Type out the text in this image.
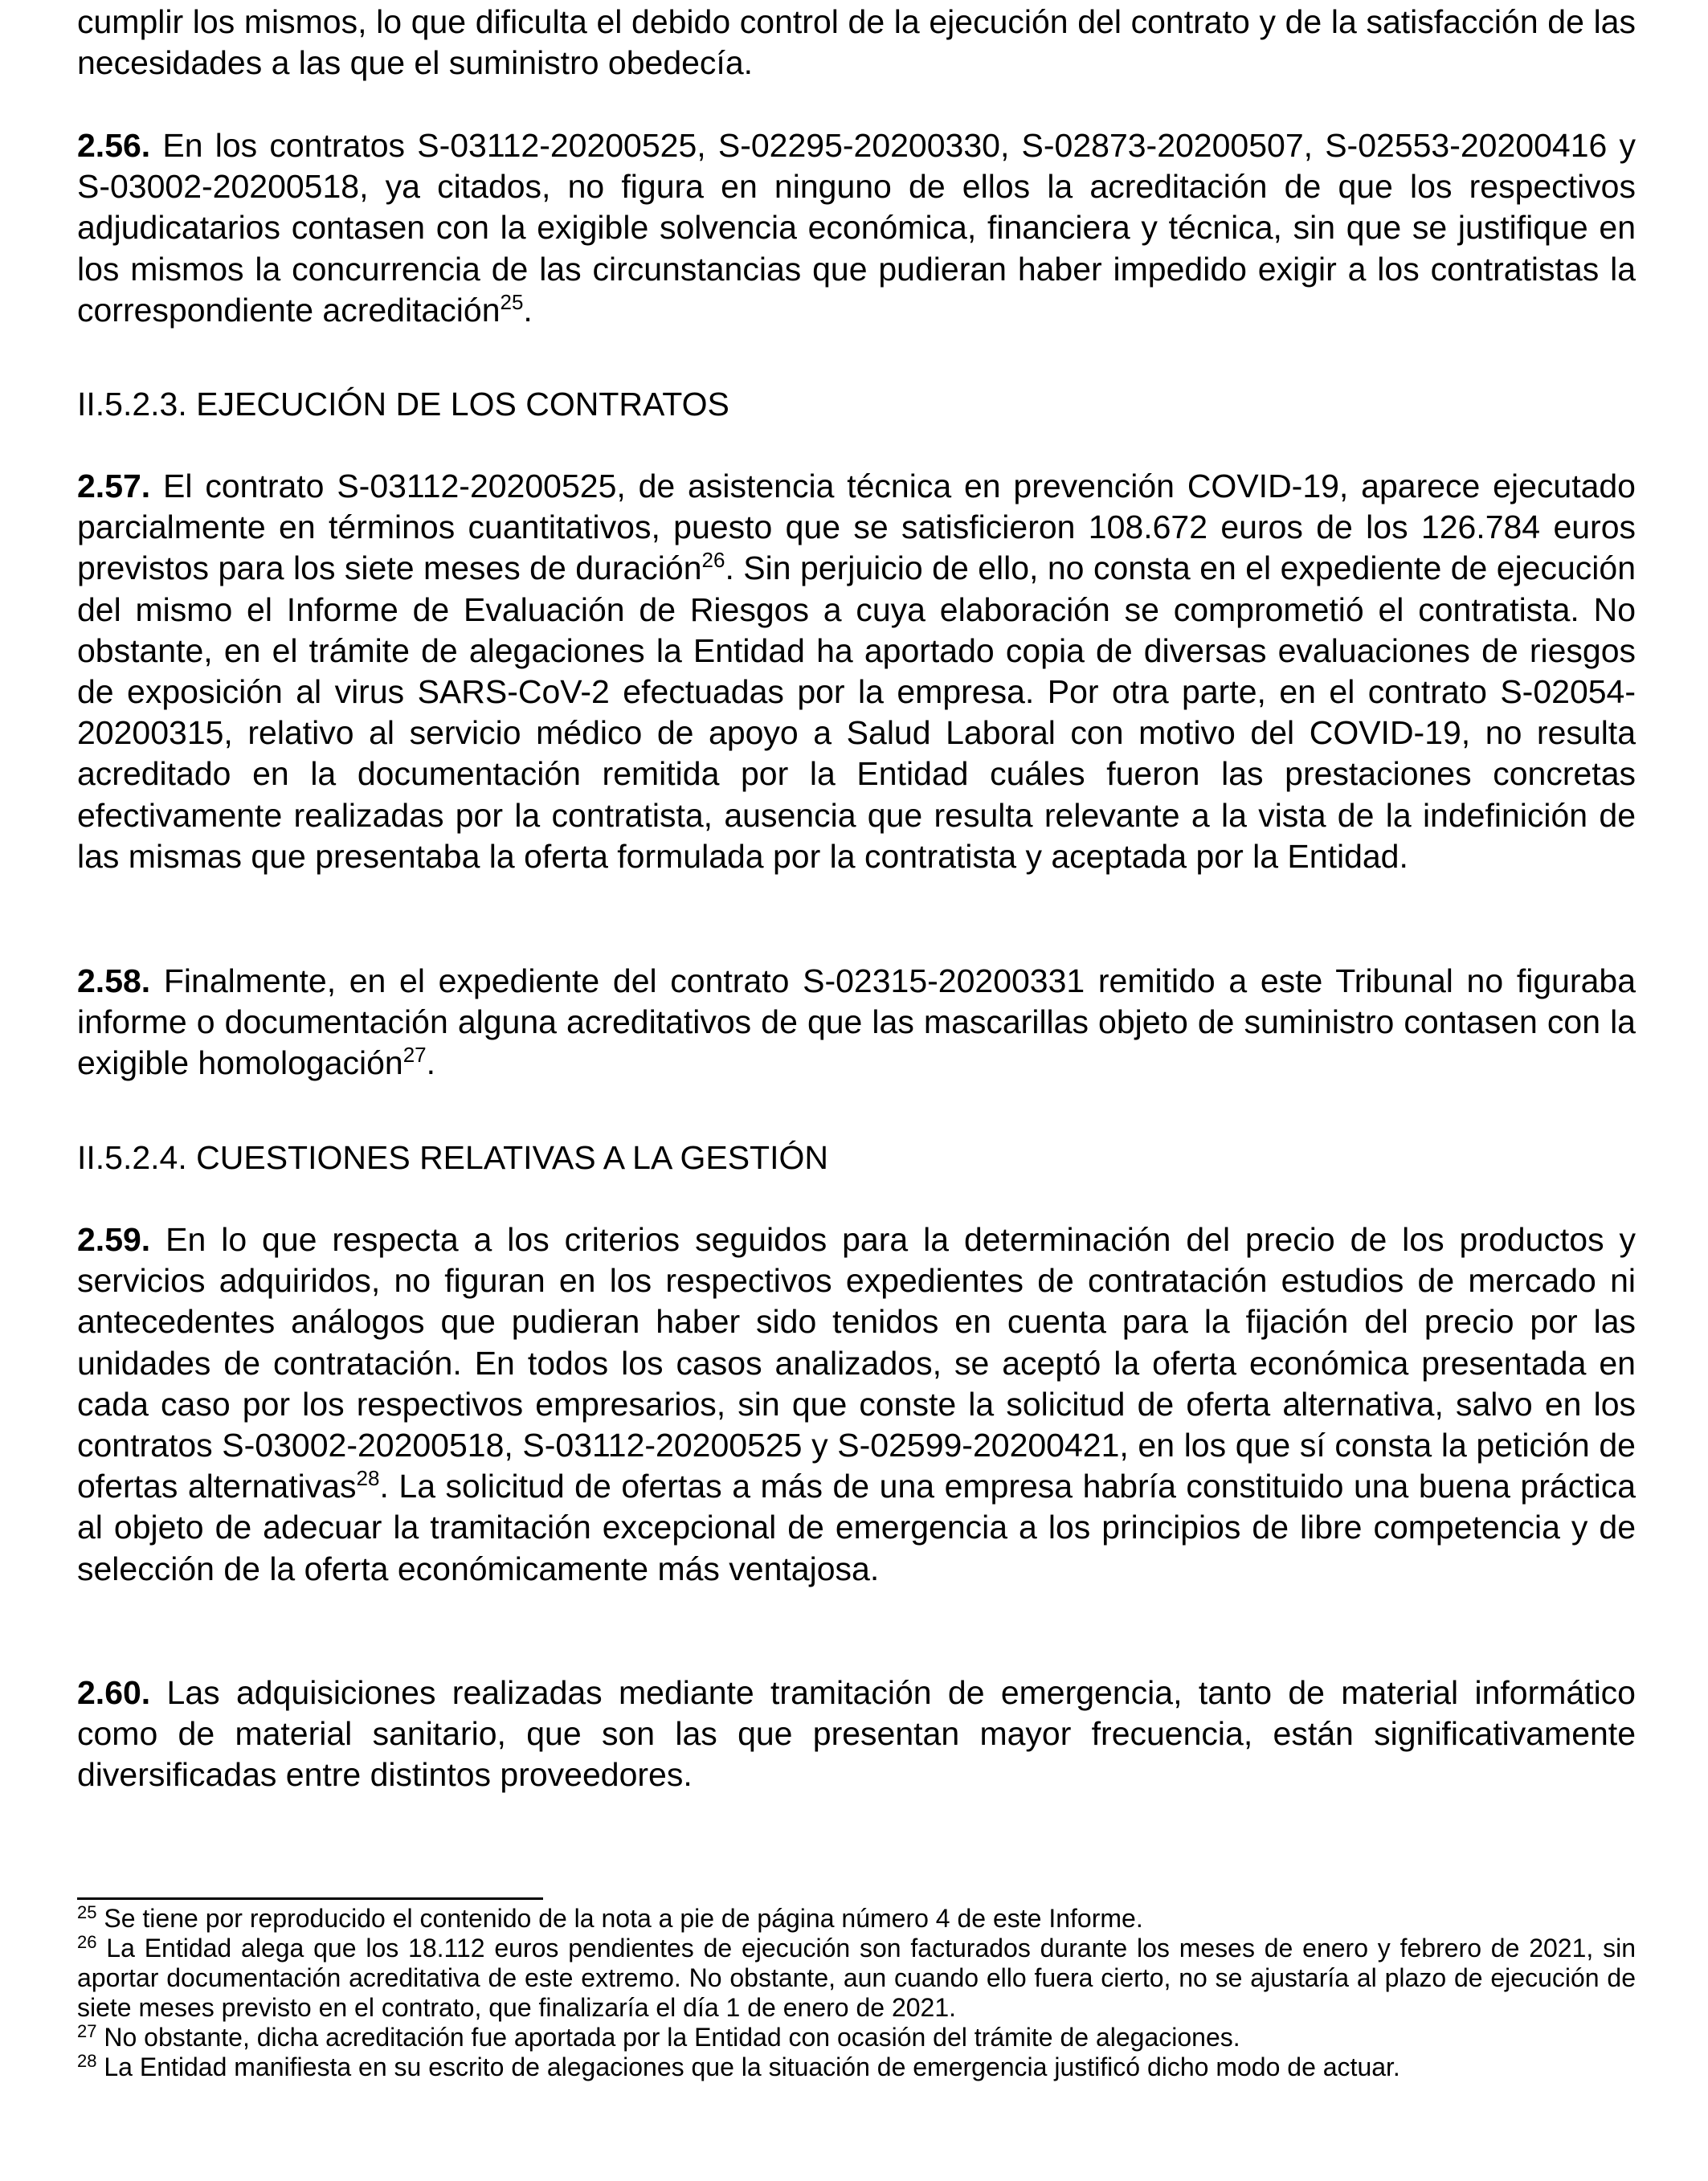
cumplir los mismos, lo que dificulta el debido control de la ejecución del contrato y de la satisfacción de las necesidades a las que el suministro obedecía.

2.56. En los contratos S-03112-20200525, S-02295-20200330, S-02873-20200507, S-02553-20200416 y S-03002-20200518, ya citados, no figura en ninguno de ellos la acreditación de que los respectivos adjudicatarios contasen con la exigible solvencia económica, financiera y técnica, sin que se justifique en los mismos la concurrencia de las circunstancias que pudieran haber impedido exigir a los contratistas la correspondiente acreditación$^{25}$.

II.5.2.3. EJECUCIÓN DE LOS CONTRATOS

2.57. El contrato S-03112-20200525, de asistencia técnica en prevención COVID-19, aparece ejecutado parcialmente en términos cuantitativos, puesto que se satisficieron 108.672 euros de los 126.784 euros previstos para los siete meses de duración$^{26}$. Sin perjuicio de ello, no consta en el expediente de ejecución del mismo el Informe de Evaluación de Riesgos a cuya elaboración se comprometió el contratista. No obstante, en el trámite de alegaciones la Entidad ha aportado copia de diversas evaluaciones de riesgos de exposición al virus SARS-CoV-2 efectuadas por la empresa. Por otra parte, en el contrato S-02054-20200315, relativo al servicio médico de apoyo a Salud Laboral con motivo del COVID-19, no resulta acreditado en la documentación remitida por la Entidad cuáles fueron las prestaciones concretas efectivamente realizadas por la contratista, ausencia que resulta relevante a la vista de la indefinición de las mismas que presentaba la oferta formulada por la contratista y aceptada por la Entidad.

2.58. Finalmente, en el expediente del contrato S-02315-20200331 remitido a este Tribunal no figuraba informe o documentación alguna acreditativos de que las mascarillas objeto de suministro contasen con la exigible homologación$^{27}$.

II.5.2.4. CUESTIONES RELATIVAS A LA GESTIÓN

2.59. En lo que respecta a los criterios seguidos para la determinación del precio de los productos y servicios adquiridos, no figuran en los respectivos expedientes de contratación estudios de mercado ni antecedentes análogos que pudieran haber sido tenidos en cuenta para la fijación del precio por las unidades de contratación. En todos los casos analizados, se aceptó la oferta económica presentada en cada caso por los respectivos empresarios, sin que conste la solicitud de oferta alternativa, salvo en los contratos S-03002-20200518, S-03112-20200525 y S-02599-20200421, en los que sí consta la petición de ofertas alternativas$^{28}$. La solicitud de ofertas a más de una empresa habría constituido una buena práctica al objeto de adecuar la tramitación excepcional de emergencia a los principios de libre competencia y de selección de la oferta económicamente más ventajosa.

2.60. Las adquisiciones realizadas mediante tramitación de emergencia, tanto de material informático como de material sanitario, que son las que presentan mayor frecuencia, están significativamente diversificadas entre distintos proveedores.

$^{25}$ Se tiene por reproducido el contenido de la nota a pie de página número 4 de este Informe.

$^{26}$ La Entidad alega que los 18.112 euros pendientes de ejecución son facturados durante los meses de enero y febrero de 2021, sin aportar documentación acreditativa de este extremo. No obstante, aun cuando ello fuera cierto, no se ajustaría al plazo de ejecución de siete meses previsto en el contrato, que finalizaría el día 1 de enero de 2021.

$^{27}$ No obstante, dicha acreditación fue aportada por la Entidad con ocasión del trámite de alegaciones.

$^{28}$ La Entidad manifiesta en su escrito de alegaciones que la situación de emergencia justificó dicho modo de actuar.
